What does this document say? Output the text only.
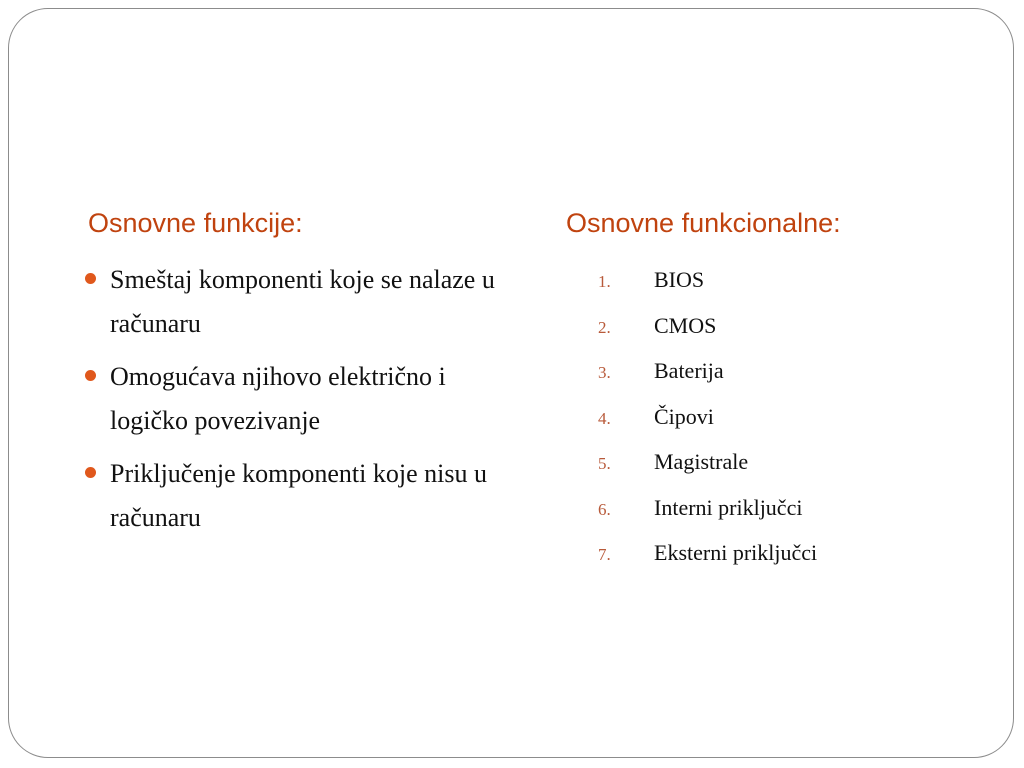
Osnovne funkcije:	Osnovne funkcionalne:
Smeštaj komponenti koje se nalaze u računaru
Omogućava njihovo električno i logičko povezivanje
Priključenje komponenti koje nisu u računaru
1.	BIOS
2.	CMOS
3.	Baterija
4.	Čipovi
5.	Magistrale
6.	Interni priključci
7.	Eksterni priključci
